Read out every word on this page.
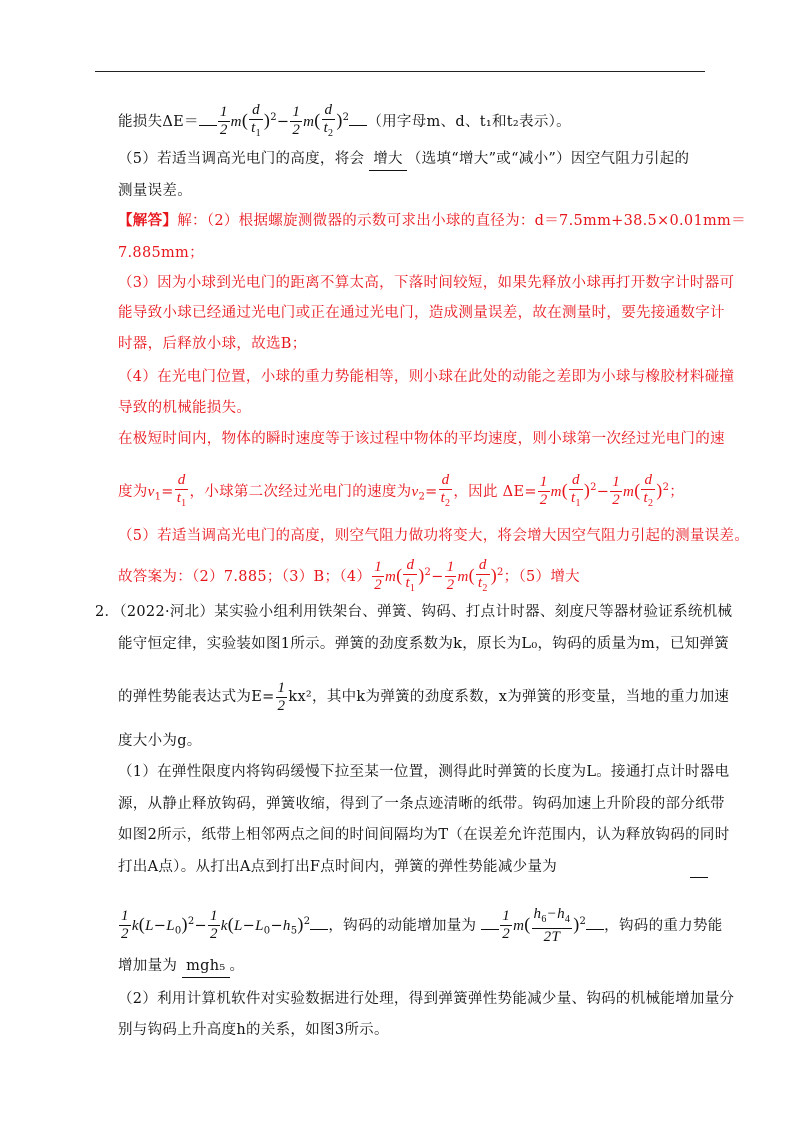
能损失$\Delta E= \frac{1}{2} m( \frac{d}{t_1} )^2- \frac{1}{2} m( \frac{d}{t_2} )^2$ （用字母m、d、t₁和t₂表示）。
（5）若适当调高光电门的高度，将会 增大 （选填“增大”或“减小”）因空气阻力引起的
测量误差。
【解答】解：（2）根据螺旋测微器的示数可求出小球的直径为：d＝7.5mm+38.5×0.01mm＝
7.885mm；
（3）因为小球到光电门的距离不算太高，下落时间较短，如果先释放小球再打开数字计时器可
能导致小球已经通过光电门或正在通过光电门，造成测量误差，故在测量时，要先接通数字计
时器，后释放小球，故选B；
（4）在光电门位置，小球的重力势能相等，则小球在此处的动能之差即为小球与橡胶材料碰撞
导致的机械能损失。
在极短时间内，物体的瞬时速度等于该过程中物体的平均速度，则小球第一次经过光电门的速
度为$v_1= \frac{d}{t_1}$ ，小球第二次经过光电门的速度为$v_2= \frac{d}{t_2}$ ，因此 $\Delta E= \frac{1}{2} m( \frac{d}{t_1} )^2- \frac{1}{2} m( \frac{d}{t_2} )^2$；
（5）若适当调高光电门的高度，则空气阻力做功将变大，将会增大因空气阻力引起的测量误差。
故答案为：（2）7.885；（3）B；$(4) \frac{1}{2} m( \frac{d}{t_1} )^2- \frac{1}{2} m( \frac{d}{t_2} )^2$；（5）增大
2．（2022·河北）某实验小组利用铁架台、弹簧、钩码、打点计时器、刻度尺等器材验证系统机械
能守恒定律，实验装如图1所示。弹簧的劲度系数为k，原长为L₀，钩码的质量为m，已知弹簧
的弹性势能表达式为$E= \frac{1}{2} kx^2$，其中k为弹簧的劲度系数，x为弹簧的形变量，当地的重力加速
度大小为g。
（1）在弹性限度内将钩码缓慢下拉至某一位置，测得此时弹簧的长度为L。接通打点计时器电
源，从静止释放钩码，弹簧收缩，得到了一条点迹清晰的纸带。钩码加速上升阶段的部分纸带
如图2所示，纸带上相邻两点之间的时间间隔均为T（在误差允许范围内，认为释放钩码的同时
打出A点）。从打出A点到打出F点时间内，弹簧的弹性势能减少量为
$\frac{1}{2} k(L-L_0)^2- \frac{1}{2} k(L-L_0-h_5)^2$ ，钩码的动能增加量为 $\frac{1}{2} m( \frac{h_6-h_4}{2T} )^2$ ，钩码的重力势能
增加量为 mgh₅ 。
（2）利用计算机软件对实验数据进行处理，得到弹簧弹性势能减少量、钩码的机械能增加量分
别与钩码上升高度h的关系，如图3所示。
